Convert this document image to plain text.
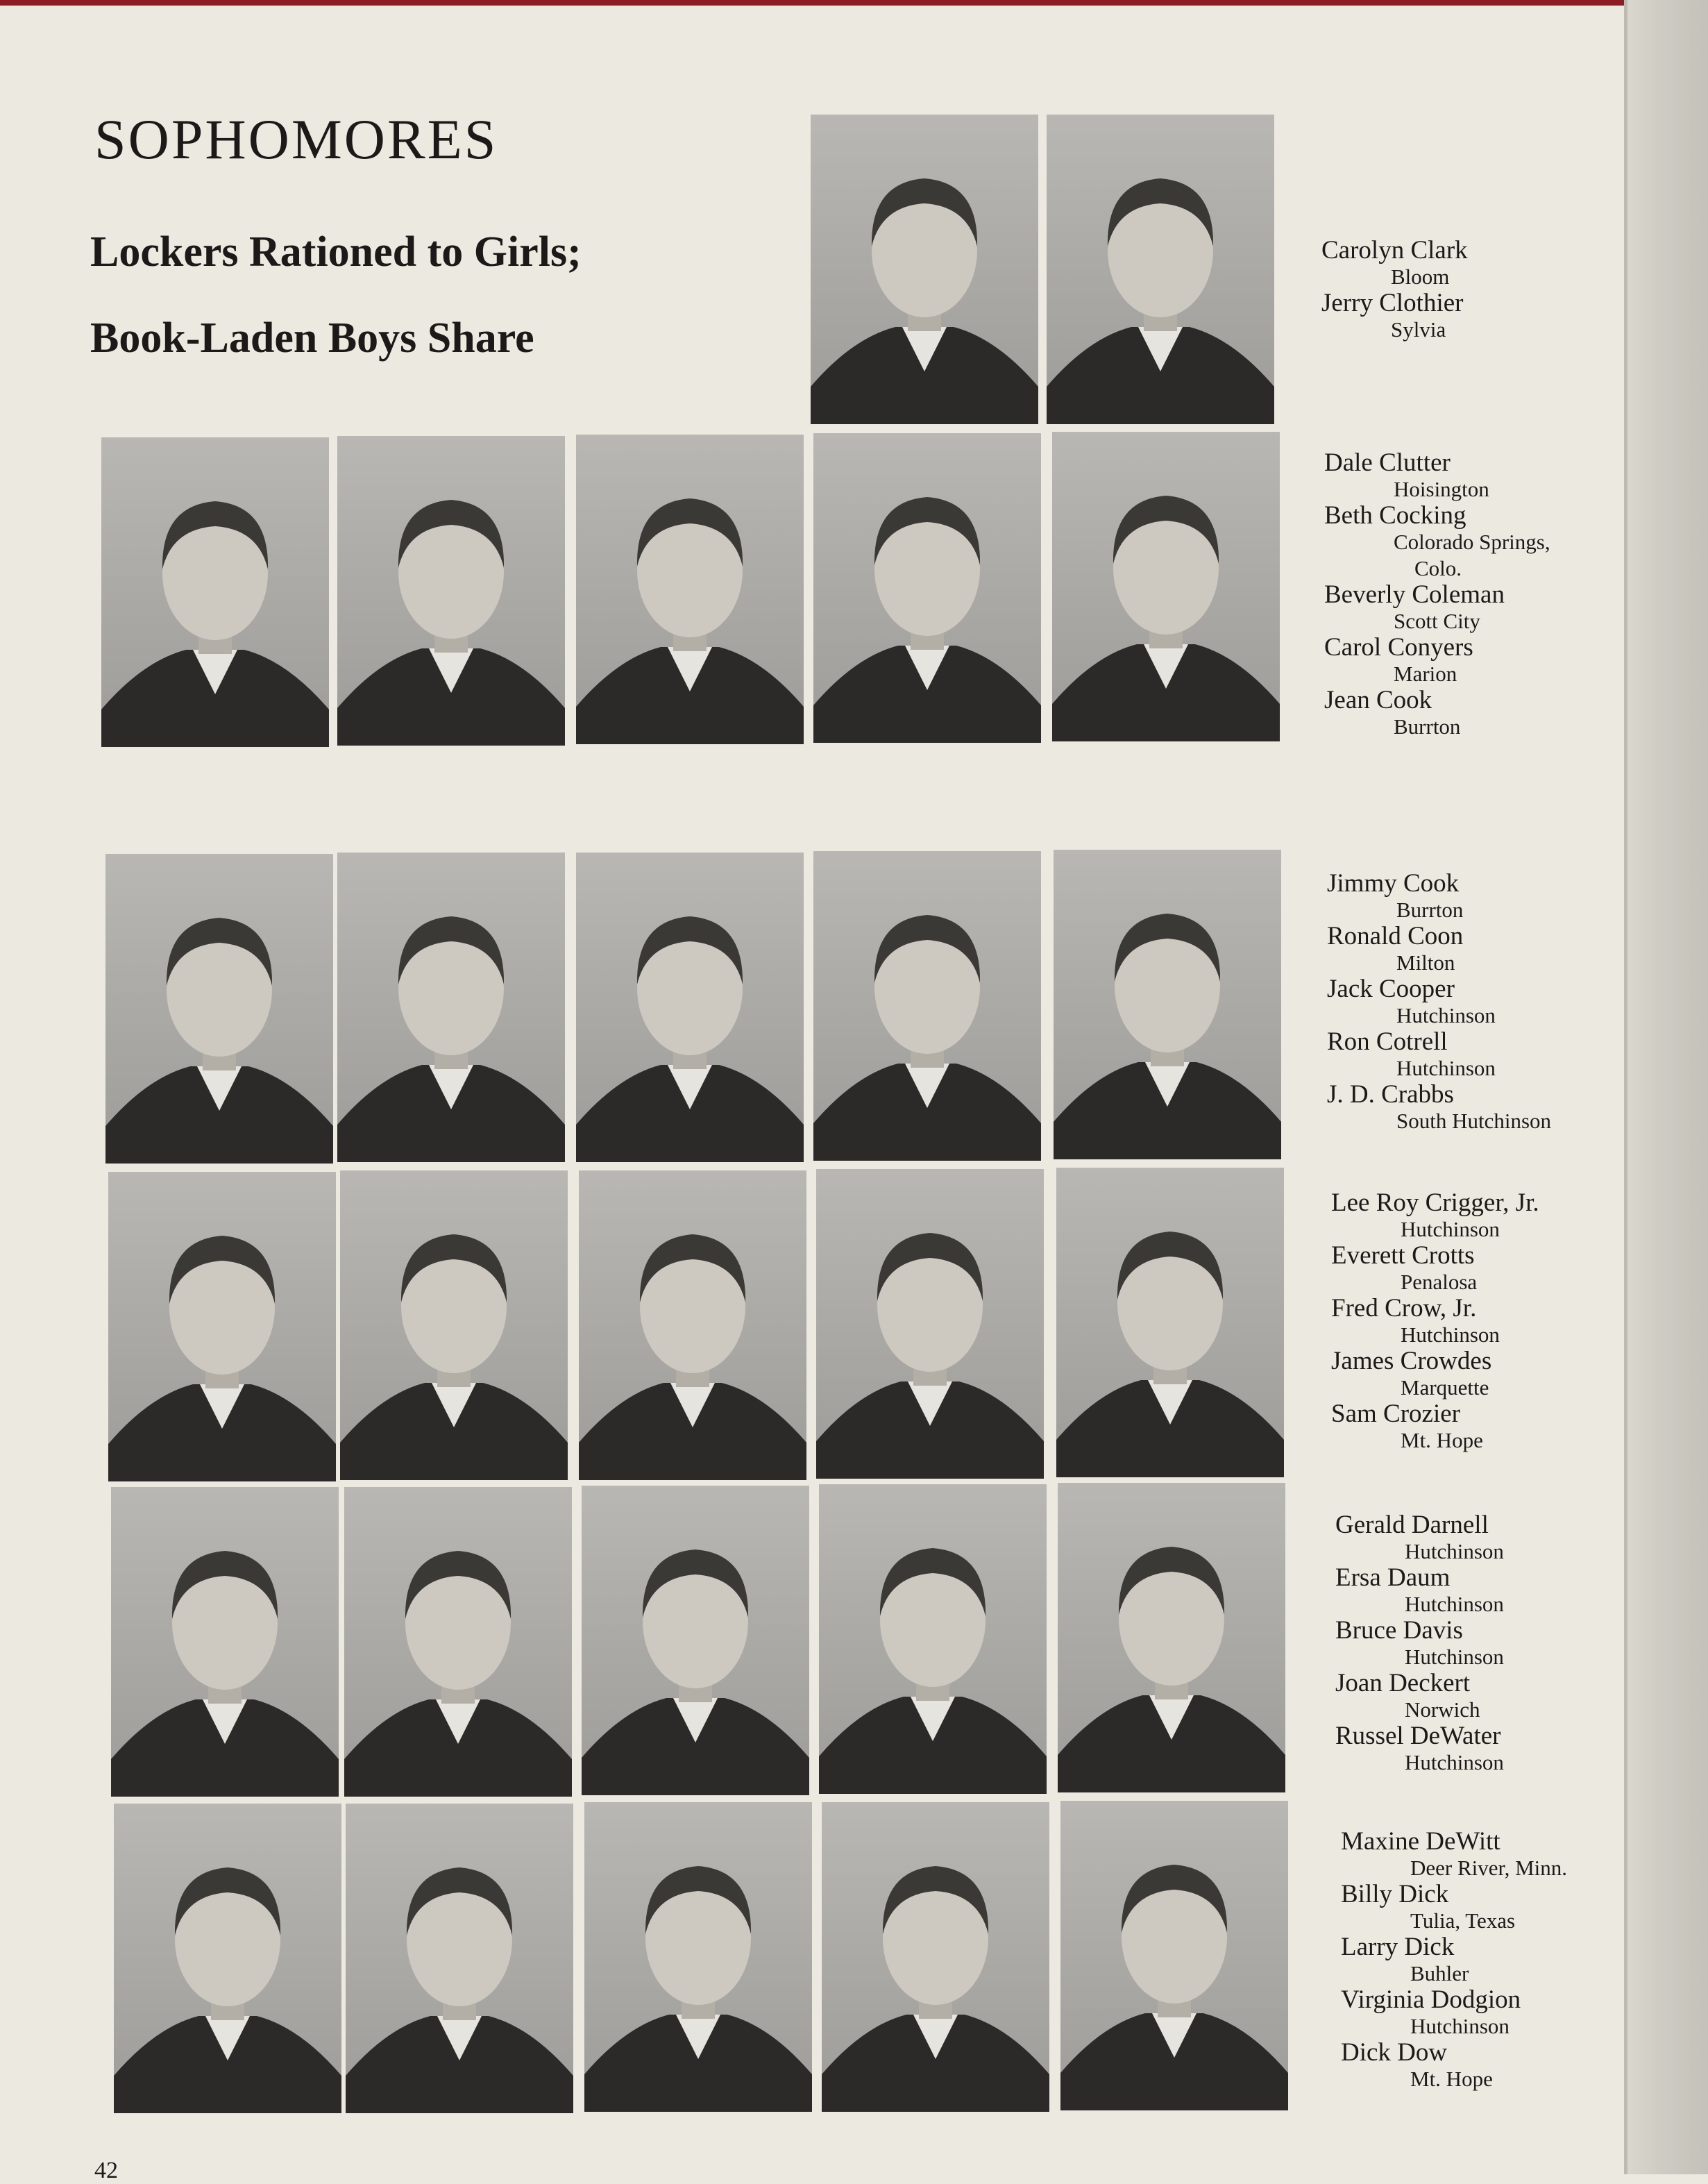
SOPHOMORES
Lockers Rationed to Girls;
Book-Laden Boys Share
Carolyn Clark
Bloom
Jerry Clothier
Sylvia
Dale Clutter
Hoisington
Beth Cocking
Colorado Springs,
Colo.
Beverly Coleman
Scott City
Carol Conyers
Marion
Jean Cook
Burrton
Jimmy Cook
Burrton
Ronald Coon
Milton
Jack Cooper
Hutchinson
Ron Cotrell
Hutchinson
J. D. Crabbs
South Hutchinson
Lee Roy Crigger, Jr.
Hutchinson
Everett Crotts
Penalosa
Fred Crow, Jr.
Hutchinson
James Crowdes
Marquette
Sam Crozier
Mt. Hope
Gerald Darnell
Hutchinson
Ersa Daum
Hutchinson
Bruce Davis
Hutchinson
Joan Deckert
Norwich
Russel DeWater
Hutchinson
Maxine DeWitt
Deer River, Minn.
Billy Dick
Tulia, Texas
Larry Dick
Buhler
Virginia Dodgion
Hutchinson
Dick Dow
Mt. Hope
42
